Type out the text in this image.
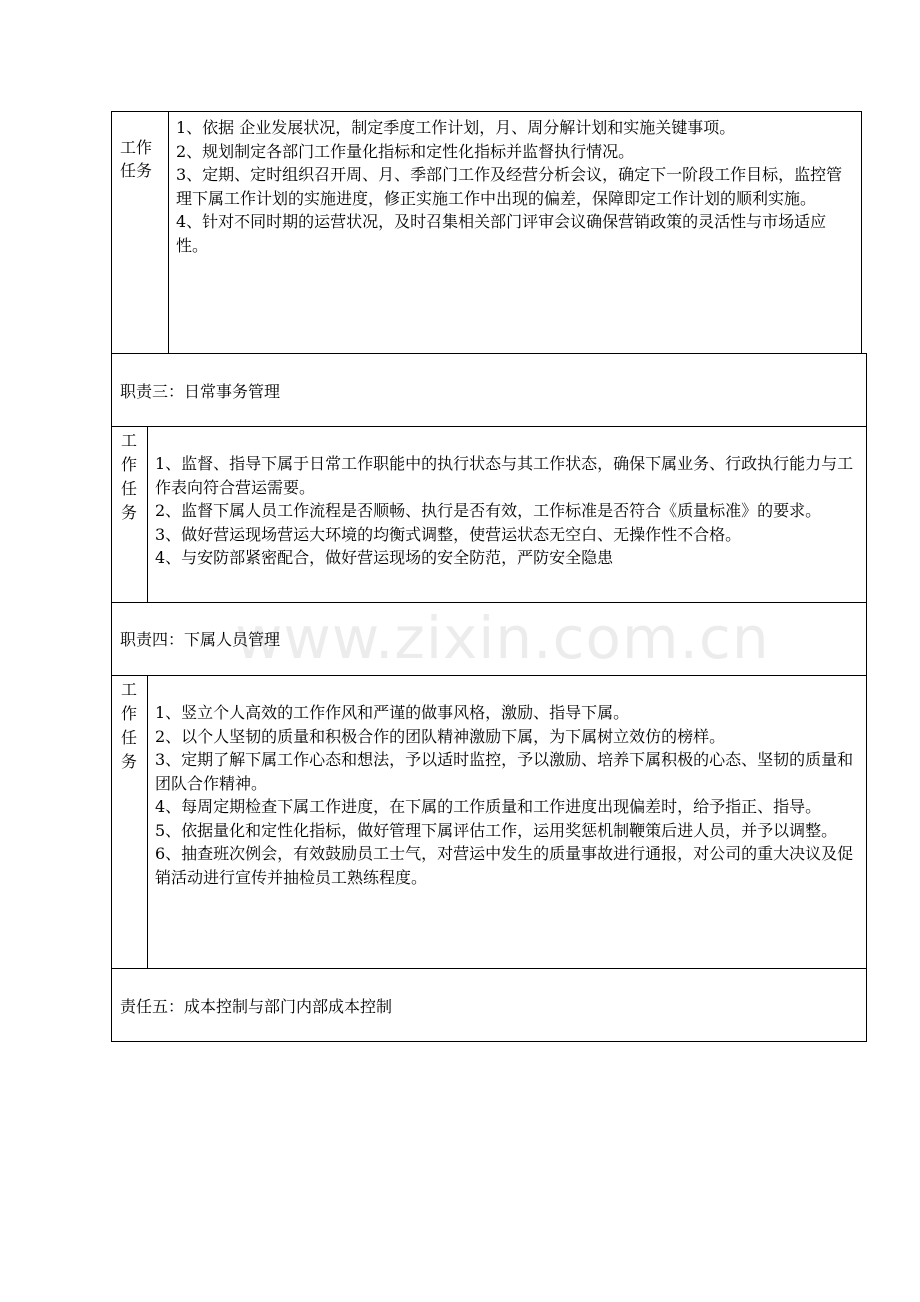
工作任务

1、依据 企业发展状况，制定季度工作计划，月、周分解计划和实施关键事项。

2、规划制定各部门工作量化指标和定性化指标并监督执行情况。

3、定期、定时组织召开周、月、季部门工作及经营分析会议，确定下一阶段工作目标，监控管理下属工作计划的实施进度，修正实施工作中出现的偏差，保障即定工作计划的顺利实施。

4、针对不同时期的运营状况，及时召集相关部门评审会议确保营销政策的灵活性与市场适应性。

职责三：日常事务管理
工作任务

1、监督、指导下属于日常工作职能中的执行状态与其工作状态，确保下属业务、行政执行能力与工作表向符合营运需要。

2、监督下属人员工作流程是否顺畅、执行是否有效，工作标准是否符合《质量标准》的要求。

3、做好营运现场营运大环境的均衡式调整，使营运状态无空白、无操作性不合格。

4、与安防部紧密配合，做好营运现场的安全防范，严防安全隐患

职责四：下属人员管理
工作任务

1、竖立个人高效的工作作风和严谨的做事风格，激励、指导下属。

2、以个人坚韧的质量和积极合作的团队精神激励下属，为下属树立效仿的榜样。

3、定期了解下属工作心态和想法，予以适时监控，予以激励、培养下属积极的心态、坚韧的质量和团队合作精神。

4、每周定期检查下属工作进度，在下属的工作质量和工作进度出现偏差时，给予指正、指导。

5、依据量化和定性化指标，做好管理下属评估工作，运用奖惩机制鞭策后进人员，并予以调整。

6、抽查班次例会，有效鼓励员工士气，对营运中发生的质量事故进行通报，对公司的重大决议及促销活动进行宣传并抽检员工熟练程度。

责任五：成本控制与部门内部成本控制
www.zixin.com.cn
